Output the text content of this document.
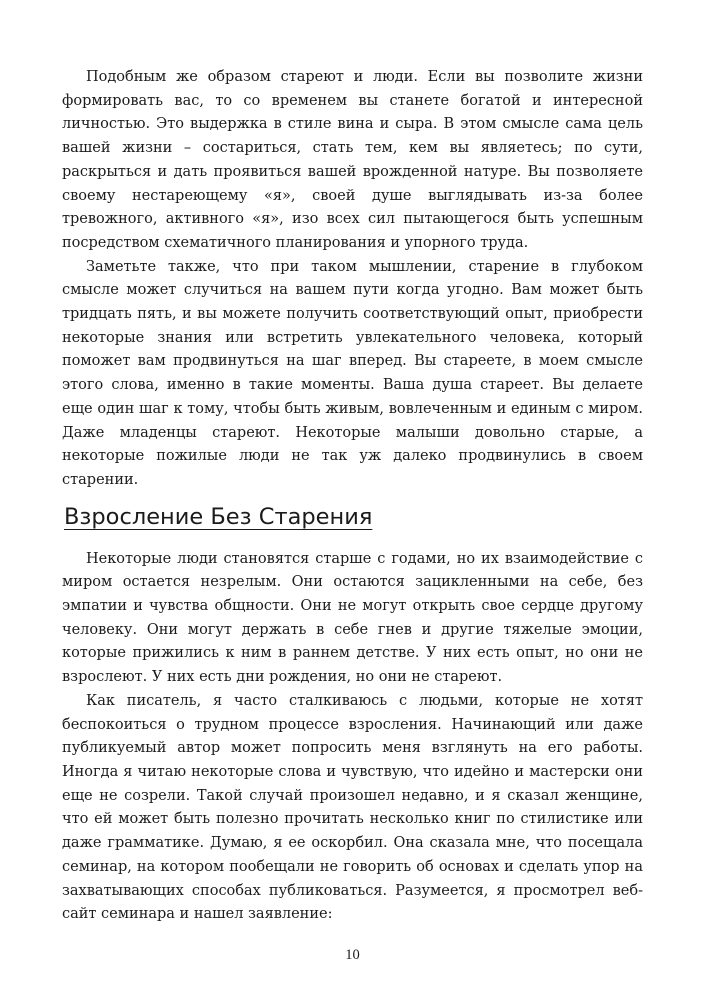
Подобным же образом стареют и люди. Если вы позволите жизни формировать вас, то со временем вы станете богатой и интересной личностью. Это выдержка в стиле вина и сыра. В этом смысле сама цель вашей жизни – состариться, стать тем, кем вы являетесь; по сути, раскрыться и дать проявиться вашей врожденной натуре. Вы позволяете своему нестареющему «я», своей душе выглядывать из-за более тревожного, активного «я», изо всех сил пытающегося быть успешным посредством схематичного планирования и упорного труда.

Заметьте также, что при таком мышлении, старение в глубоком смысле может случиться на вашем пути когда угодно. Вам может быть тридцать пять, и вы можете получить соответствующий опыт, приобрести некоторые знания или встретить увлекательного человека, который поможет вам продвинуться на шаг вперед. Вы стареете, в моем смысле этого слова, именно в такие моменты. Ваша душа стареет. Вы делаете еще один шаг к тому, чтобы быть живым, вовлеченным и единым с миром. Даже младенцы стареют. Некоторые малыши довольно старые, а некоторые пожилые люди не так уж далеко продвинулись в своем старении.

Взросление Без Старения

Некоторые люди становятся старше с годами, но их взаимодействие с миром остается незрелым. Они остаются зацикленными на себе, без эмпатии и чувства общности. Они не могут открыть свое сердце другому человеку. Они могут держать в себе гнев и другие тяжелые эмоции, которые прижились к ним в раннем детстве. У них есть опыт, но они не взрослеют. У них есть дни рождения, но они не стареют.

Как писатель, я часто сталкиваюсь с людьми, которые не хотят беспокоиться о трудном процессе взросления. Начинающий или даже публикуемый автор может попросить меня взглянуть на его работы. Иногда я читаю некоторые слова и чувствую, что идейно и мастерски они еще не созрели. Такой случай произошел недавно, и я сказал женщине, что ей может быть полезно прочитать несколько книг по стилистике или даже грамматике. Думаю, я ее оскорбил. Она сказала мне, что посещала семинар, на котором пообещали не говорить об основах и сделать упор на захватывающих способах публиковаться. Разумеется, я просмотрел веб-сайт семинара и нашел заявление:

10
